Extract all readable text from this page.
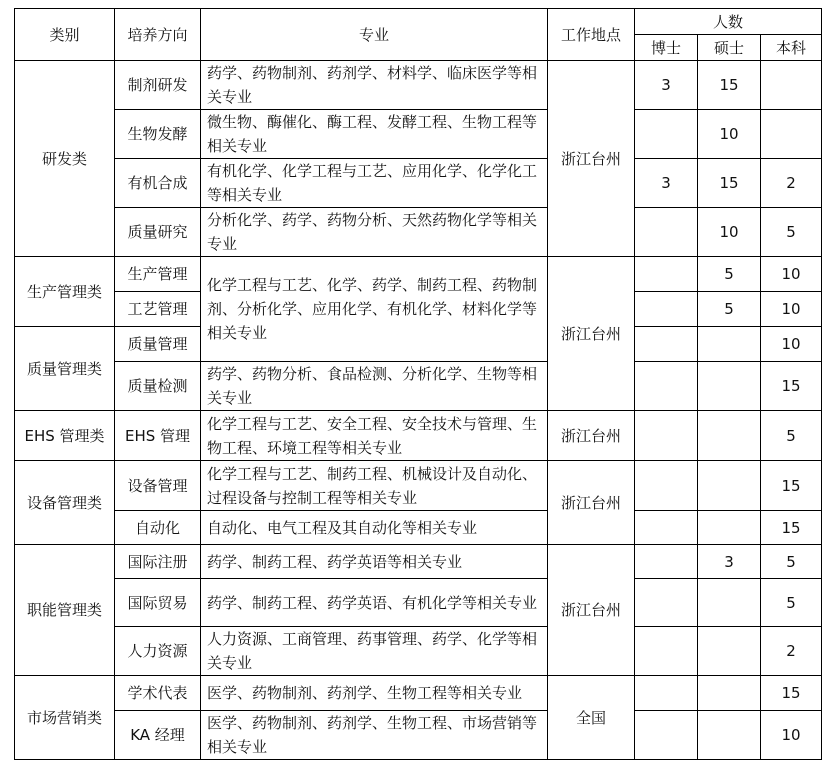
类别	培养方向	专业	工作地点	人数		
				博士	硕士	本科
研发类	制剂研发	药学、药物制剂、药剂学、材料学、临床医学等相关专业	浙江台州	3	15	
	生物发酵	微生物、酶催化、酶工程、发酵工程、生物工程等相关专业			10	
	有机合成	有机化学、化学工程与工艺、应用化学、化学化工等相关专业		3	15	2
	质量研究	分析化学、药学、药物分析、天然药物化学等相关专业			10	5
生产管理类	生产管理	化学工程与工艺、化学、药学、制药工程、药物制剂、分析化学、应用化学、有机化学、材料化学等相关专业	浙江台州		5	10
	工艺管理				5	10
质量管理类	质量管理					10
	质量检测	药学、药物分析、食品检测、分析化学、生物等相关专业				15
EHS 管理类	EHS 管理	化学工程与工艺、安全工程、安全技术与管理、生物工程、环境工程等相关专业	浙江台州			5
设备管理类	设备管理	化学工程与工艺、制药工程、机械设计及自动化、过程设备与控制工程等相关专业	浙江台州			15
	自动化	自动化、电气工程及其自动化等相关专业				15
职能管理类	国际注册	药学、制药工程、药学英语等相关专业	浙江台州		3	5
	国际贸易	药学、制药工程、药学英语、有机化学等相关专业				5
	人力资源	人力资源、工商管理、药事管理、药学、化学等相关专业				2
市场营销类	学术代表	医学、药物制剂、药剂学、生物工程等相关专业	全国			15
	KA 经理	医学、药物制剂、药剂学、生物工程、市场营销等相关专业				10
